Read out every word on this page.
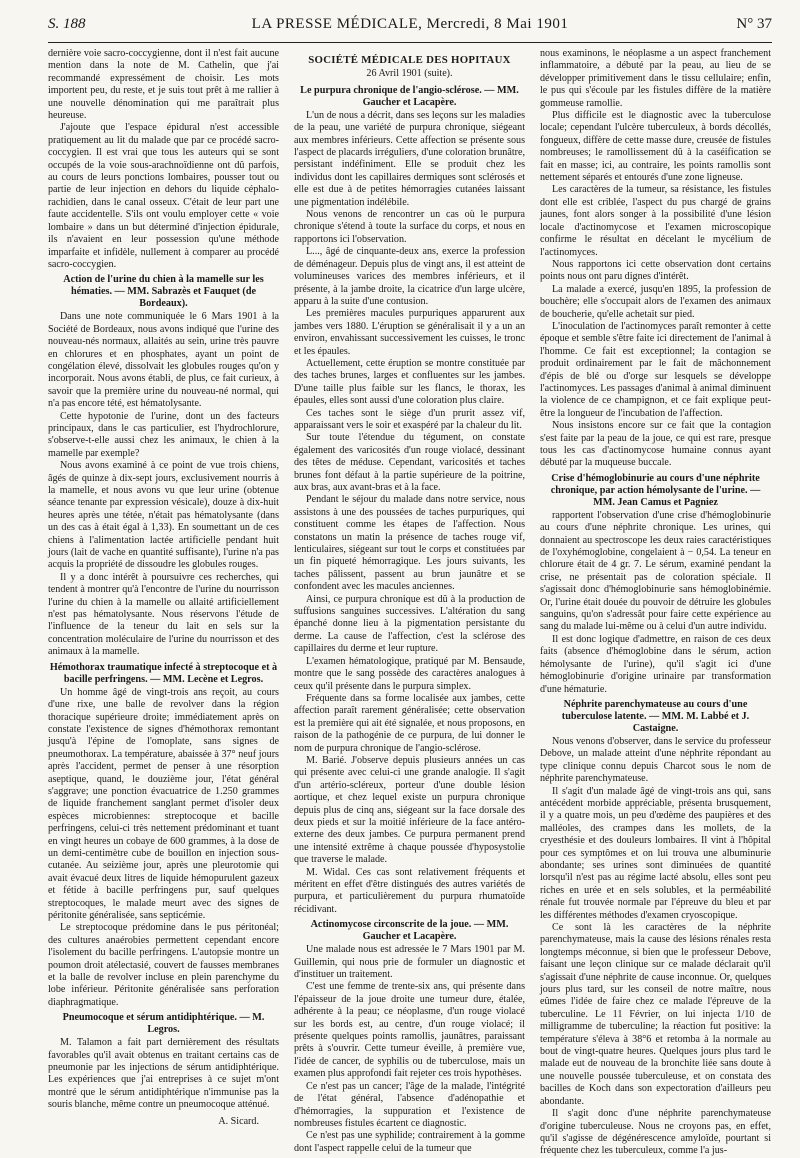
S. 188	LA PRESSE MÉDICALE, Mercredi, 8 Mai 1901	N° 37

dernière voie sacro-coccygienne, dont il n'est fait aucune mention dans la note de M. Cathelin, que j'ai recommandé expressément de choisir. Les mots importent peu, du reste, et je suis tout prêt à me rallier à une nouvelle dénomination qui me paraîtrait plus heureuse.

J'ajoute que l'espace épidural n'est accessible pratiquement au lit du malade que par ce procédé sacro-coccygien. Il est vrai que tous les auteurs qui se sont occupés de la voie sous-arachnoïdienne ont dû parfois, au cours de leurs ponctions lombaires, pousser tout ou partie de leur injection en dehors du liquide céphalo-rachidien, dans le canal osseux. C'était de leur part une faute accidentelle. S'ils ont voulu employer cette « voie lombaire » dans un but déterminé d'injection épidurale, ils n'avaient en leur possession qu'une méthode imparfaite et infidèle, nullement à comparer au procédé sacro-coccygien.

Action de l'urine du chien à la mamelle sur les hématies. — MM. Sabrazès et Fauquet (de Bordeaux).

Dans une note communiquée le 6 Mars 1901 à la Société de Bordeaux, nous avons indiqué que l'urine des nouveau-nés normaux, allaités au sein, urine très pauvre en chlorures et en phosphates, ayant un point de congélation élevé, dissolvait les globules rouges qu'on y incorporait. Nous avons établi, de plus, ce fait curieux, à savoir que la première urine du nouveau-né normal, qui n'a pas encore tété, est hématolysante.

Cette hypotonie de l'urine, dont un des facteurs principaux, dans le cas particulier, est l'hydrochlorure, s'observe-t-elle aussi chez les animaux, le chien à la mamelle par exemple?

Nous avons examiné à ce point de vue trois chiens, âgés de quinze à dix-sept jours, exclusivement nourris à la mamelle, et nous avons vu que leur urine (obtenue séance tenante par expression vésicale), douze à dix-huit heures après une tétée, n'était pas hématolysante (dans un des cas à était égal à 1,33). En soumettant un de ces chiens à l'alimentation lactée artificielle pendant huit jours (lait de vache en quantité suffisante), l'urine n'a pas acquis la propriété de dissoudre les globules rouges.

Il y a donc intérêt à poursuivre ces recherches, qui tendent à montrer qu'à l'encontre de l'urine du nourrisson l'urine du chien à la mamelle ou allaité artificiellement n'est pas hématolysante. Nous réservons l'étude de l'influence de la teneur du lait en sels sur la concentration moléculaire de l'urine du nourrisson et des animaux à la mamelle.

Hémothorax traumatique infecté à streptocoque et à bacille perfringens. — MM. Lecène et Legros.

Un homme âgé de vingt-trois ans reçoit, au cours d'une rixe, une balle de revolver dans la région thoracique supérieure droite; immédiatement après on constate l'existence de signes d'hémothorax remontant jusqu'à l'épine de l'omoplate, sans signes de pneumothorax. La température, abaissée à 37° neuf jours après l'accident, permet de penser à une résorption aseptique, quand, le douzième jour, l'état général s'aggrave; une ponction évacuatrice de 1.250 grammes de liquide franchement sanglant permet d'isoler deux espèces microbiennes: streptocoque et bacille perfringens, celui-ci très nettement prédominant et tuant en vingt heures un cobaye de 600 grammes, à la dose de un demi-centimètre cube de bouillon en injection sous-cutanée. Au seizième jour, après une pleurotomie qui avait évacué deux litres de liquide hémopurulent gazeux et fétide à bacille perfringens pur, sauf quelques streptocoques, le malade meurt avec des signes de péritonite généralisée, sans septicémie.

Le streptocoque prédomine dans le pus péritonéal; des cultures anaérobies permettent cependant encore l'isolement du bacille perfringens. L'autopsie montre un poumon droit atélectasié, couvert de fausses membranes et la balle de revolver incluse en plein parenchyme du lobe inférieur. Péritonite généralisée sans perforation diaphragmatique.

Pneumocoque et sérum antidiphtérique. — M. Legros.

M. Talamon a fait part dernièrement des résultats favorables qu'il avait obtenus en traitant certains cas de pneumonie par les injections de sérum antidiphtérique. Les expériences que j'ai entreprises à ce sujet m'ont montré que le sérum antidiphtérique n'immunise pas la souris blanche, même contre un pneumocoque atténué.

A. Sicard.
SOCIÉTÉ MÉDICALE DES HOPITAUX
26 Avril 1901 (suite).
Le purpura chronique de l'angio-sclérose. — MM. Gaucher et Lacapère.

L'un de nous a décrit, dans ses leçons sur les maladies de la peau, une variété de purpura chronique, siégeant aux membres inférieurs. Cette affection se présente sous l'aspect de placards irréguliers, d'une coloration brunâtre, persistant indéfiniment. Elle se produit chez les individus dont les capillaires dermiques sont sclérosés et elle est due à de petites hémorragies cutanées laissant une pigmentation indélébile.

Nous venons de rencontrer un cas où le purpura chronique s'étend à toute la surface du corps, et nous en rapportons ici l'observation.

L..., âgé de cinquante-deux ans, exerce la profession de déménageur. Depuis plus de vingt ans, il est atteint de volumineuses varices des membres inférieurs, et il présente, à la jambe droite, la cicatrice d'un large ulcère, apparu à la suite d'une contusion.

Les premières macules purpuriques apparurent aux jambes vers 1880. L'éruption se généralisait il y a un an environ, envahissant successivement les cuisses, le tronc et les épaules.

Actuellement, cette éruption se montre constituée par des taches brunes, larges et confluentes sur les jambes. D'une taille plus faible sur les flancs, le thorax, les épaules, elles sont aussi d'une coloration plus claire.

Ces taches sont le siège d'un prurit assez vif, apparaissant vers le soir et exaspéré par la chaleur du lit.

Sur toute l'étendue du tégument, on constate également des varicosités d'un rouge violacé, dessinant des têtes de méduse. Cependant, varicosités et taches brunes font défaut à la partie supérieure de la poitrine, aux bras, aux avant-bras et à la face.

Pendant le séjour du malade dans notre service, nous assistons à une des poussées de taches purpuriques, qui constituent comme les étapes de l'affection. Nous constatons un matin la présence de taches rouge vif, lenticulaires, siégeant sur tout le corps et constituées par un fin piqueté hémorragique. Les jours suivants, les taches pâlissent, passent au brun jaunâtre et se confondent avec les macules anciennes.

Ainsi, ce purpura chronique est dû à la production de suffusions sanguines successives. L'altération du sang épanché donne lieu à la pigmentation persistante du derme. La cause de l'affection, c'est la sclérose des capillaires du derme et leur rupture.

L'examen hématologique, pratiqué par M. Bensaude, montre que le sang possède des caractères analogues à ceux qu'il présente dans le purpura simplex.

Fréquente dans sa forme localisée aux jambes, cette affection paraît rarement généralisée; cette observation est la première qui ait été signalée, et nous proposons, en raison de la pathogénie de ce purpura, de lui donner le nom de purpura chronique de l'angio-sclérose.

M. Barié. J'observe depuis plusieurs années un cas qui présente avec celui-ci une grande analogie. Il s'agit d'un artério-scléreux, porteur d'une double lésion aortique, et chez lequel existe un purpura chronique depuis plus de cinq ans, siégeant sur la face dorsale des deux pieds et sur la moitié inférieure de la face antéro-externe des deux jambes. Ce purpura permanent prend une intensité extrême à chaque poussée d'hyposystolie que traverse le malade.

M. Widal. Ces cas sont relativement fréquents et méritent en effet d'être distingués des autres variétés de purpura, et particulièrement du purpura rhumatoïde récidivant.

Actinomycose circonscrite de la joue. — MM. Gaucher et Lacapère.

Une malade nous est adressée le 7 Mars 1901 par M. Guillemin, qui nous prie de formuler un diagnostic et d'instituer un traitement.

C'est une femme de trente-six ans, qui présente dans l'épaisseur de la joue droite une tumeur dure, étalée, adhérente à la peau; ce néoplasme, d'un rouge violacé sur les bords est, au centre, d'un rouge violacé; il présente quelques points ramollis, jaunâtres, paraissant prêts à s'ouvrir. Cette tumeur éveille, à première vue, l'idée de cancer, de syphilis ou de tuberculose, mais un examen plus approfondi fait rejeter ces trois hypothèses.

Ce n'est pas un cancer; l'âge de la malade, l'intégrité de l'état général, l'absence d'adénopathie et d'hémorragies, la suppuration et l'existence de nombreuses fistules écartent ce diagnostic.

Ce n'est pas une syphilide; contrairement à la gomme dont l'aspect rappelle celui de la tumeur que

nous examinons, le néoplasme a un aspect franchement inflammatoire, a débuté par la peau, au lieu de se développer primitivement dans le tissu cellulaire; enfin, le pus qui s'écoule par les fistules diffère de la matière gommeuse ramollie.

Plus difficile est le diagnostic avec la tuberculose locale; cependant l'ulcère tuberculeux, à bords décollés, fongueux, diffère de cette masse dure, creusée de fistules nombreuses; le ramollissement dû à la caséification se fait en masse; ici, au contraire, les points ramollis sont nettement séparés et entourés d'une zone ligneuse.

Les caractères de la tumeur, sa résistance, les fistules dont elle est criblée, l'aspect du pus chargé de grains jaunes, font alors songer à la possibilité d'une lésion locale d'actinomycose et l'examen microscopique confirme le résultat en décelant le mycélium de l'actinomyces.

Nous rapportons ici cette observation dont certains points nous ont paru dignes d'intérêt.

La malade a exercé, jusqu'en 1895, la profession de bouchère; elle s'occupait alors de l'examen des animaux de boucherie, qu'elle achetait sur pied.

L'inoculation de l'actinomyces paraît remonter à cette époque et semble s'être faite ici directement de l'animal à l'homme. Ce fait est exceptionnel; la contagion se produit ordinairement par le fait de mâchonnement d'épis de blé ou d'orge sur lesquels se développe l'actinomyces. Les passages d'animal à animal diminuent la violence de ce champignon, et ce fait explique peut-être la longueur de l'incubation de l'affection.

Nous insistons encore sur ce fait que la contagion s'est faite par la peau de la joue, ce qui est rare, presque tous les cas d'actinomycose humaine connus ayant débuté par la muqueuse buccale.

Crise d'hémoglobinurie au cours d'une néphrite chronique, par action hémolysante de l'urine. — MM. Jean Camus et Pagniez

rapportent l'observation d'une crise d'hémoglobinurie au cours d'une néphrite chronique. Les urines, qui donnaient au spectroscope les deux raies caractéristiques de l'oxyhémoglobine, congelaient à − 0,54. La teneur en chlorure était de 4 gr. 7. Le sérum, examiné pendant la crise, ne présentait pas de coloration spéciale. Il s'agissait donc d'hémoglobinurie sans hémoglobinémie. Or, l'urine était douée du pouvoir de détruire les globules sanguins, qu'on s'adressât pour faire cette expérience au sang du malade lui-même ou à celui d'un autre individu.

Il est donc logique d'admettre, en raison de ces deux faits (absence d'hémoglobine dans le sérum, action hémolysante de l'urine), qu'il s'agit ici d'une hémoglobinurie d'origine urinaire par transformation d'une hématurie.

Néphrite parenchymateuse au cours d'une tuberculose latente. — MM. M. Labbé et J. Castaigne.

Nous venons d'observer, dans le service du professeur Debove, un malade atteint d'une néphrite répondant au type clinique connu depuis Charcot sous le nom de néphrite parenchymateuse.

Il s'agit d'un malade âgé de vingt-trois ans qui, sans antécédent morbide appréciable, présenta brusquement, il y a quatre mois, un peu d'œdème des paupières et des malléoles, des crampes dans les mollets, de la cryesthésie et des douleurs lombaires. Il vint à l'hôpital pour ces symptômes et on lui trouva une albuminurie abondante; ses urines sont diminuées de quantité lorsqu'il n'est pas au régime lacté absolu, elles sont peu riches en urée et en sels solubles, et la perméabilité rénale fut trouvée normale par l'épreuve du bleu et par les différentes méthodes d'examen cryoscopique.

Ce sont là les caractères de la néphrite parenchymateuse, mais la cause des lésions rénales resta longtemps méconnue, si bien que le professeur Debove, faisant une leçon clinique sur ce malade déclarait qu'il s'agissait d'une néphrite de cause inconnue. Or, quelques jours plus tard, sur les conseil de notre maître, nous eûmes l'idée de faire chez ce malade l'épreuve de la tuberculine. Le 11 Février, on lui injecta 1/10 de milligramme de tuberculine; la réaction fut positive: la température s'éleva à 38°6 et retomba à la normale au bout de vingt-quatre heures. Quelques jours plus tard le malade eut de nouveau de la bronchite liée sans doute à une nouvelle poussée tuberculeuse, et on constata des bacilles de Koch dans son expectoration d'ailleurs peu abondante.

Il s'agit donc d'une néphrite parenchymateuse d'origine tuberculeuse. Nous ne croyons pas, en effet, qu'il s'agisse de dégénérescence amyloïde, pourtant si fréquente chez les tuberculeux, comme l'a jus-
